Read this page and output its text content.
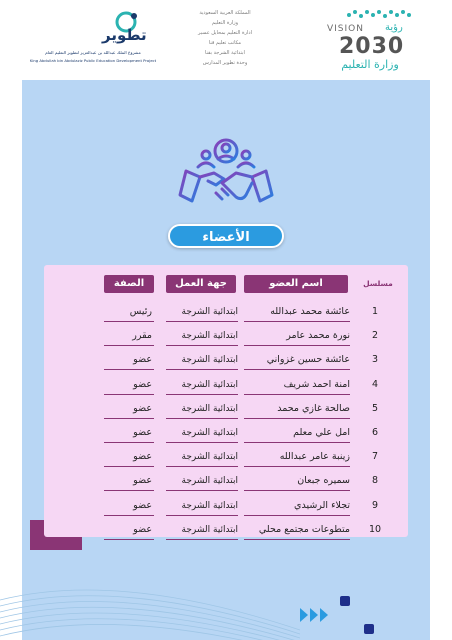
تطوير
مشروع الملك عبدالله بن عبدالعزيز لتطوير التعليم العام
King Abdullah bin Abdulaziz Public Education Development Project
المملكة العربية السعودية
وزارة التعليم
ادارة التعليم بمحايل عسير
مكاتب تعليم قنا
ابتدائية الشرجة بقنا
وحدة تطوير المدارس
VISION رؤية
2030
وزارة التعليم
الأعضاء
مسلسل
اسم العضو
جهة العمل
الصفة
1
عائشة محمد عبدالله
ابتدائية الشرجة
رئيس
2
نورة محمد عامر
ابتدائية الشرجة
مقرر
3
عائشة حسين غزواني
ابتدائية الشرجة
عضو
4
امنة احمد شريف
ابتدائية الشرجة
عضو
5
صالحة غازي محمد
ابتدائية الشرجة
عضو
6
امل علي معلم
ابتدائية الشرجة
عضو
7
زينبة عامر عبدالله
ابتدائية الشرجة
عضو
8
سميره جبعان
ابتدائية الشرجة
عضو
9
تجلاء الرشيدي
ابتدائية الشرجة
عضو
10
متطوعات مجتمع محلي
ابتدائية الشرجة
عضو
